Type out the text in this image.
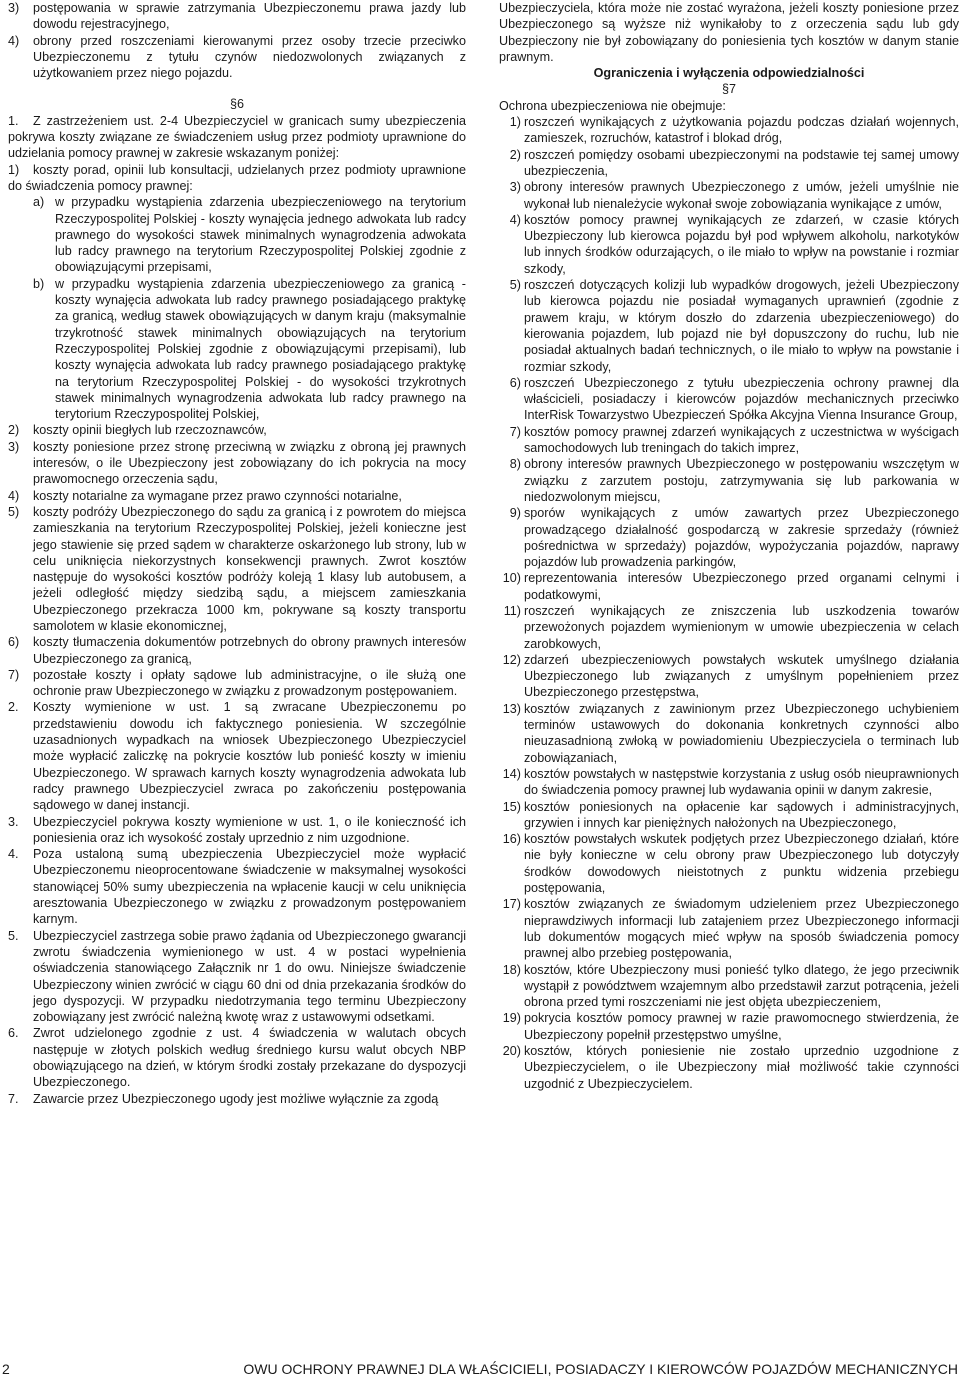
3) postępowania w sprawie zatrzymania Ubezpieczonemu prawa jazdy lub dowodu rejestracyjnego,

4) obrony przed roszczeniami kierowanymi przez osoby trzecie przeciwko Ubezpieczonemu z tytułu czynów niedozwolonych związanych z użytkowaniem przez niego pojazdu.

§6

1.	Z zastrzeżeniem ust. 2-4 Ubezpieczyciel w granicach sumy ubezpieczenia pokrywa koszty związane ze świadczeniem usług przez podmioty uprawnione do udzielania pomocy prawnej w zakresie wskazanym poniżej:

1)	koszty porad, opinii lub konsultacji, udzielanych przez podmioty uprawnione do świadczenia pomocy prawnej:

a) w przypadku wystąpienia zdarzenia ubezpieczeniowego na terytorium Rzeczypospolitej Polskiej - koszty wynajęcia jednego adwokata lub radcy prawnego do wysokości stawek minimalnych wynagrodzenia adwokata lub radcy prawnego na terytorium Rzeczypospolitej Polskiej zgodnie z obowiązującymi przepisami,

b) w przypadku wystąpienia zdarzenia ubezpieczeniowego za granicą - koszty wynajęcia adwokata lub radcy prawnego posiadającego praktykę za granicą, według stawek obowiązujących w danym kraju (maksymalnie trzykrotność stawek minimalnych obowiązujących na terytorium Rzeczypospolitej Polskiej zgodnie z obowiązującymi przepisami), lub koszty wynajęcia adwokata lub radcy prawnego posiadającego praktykę na terytorium Rzeczypospolitej Polskiej - do wysokości trzykrotnych stawek minimalnych wynagrodzenia adwokata lub radcy prawnego na terytorium Rzeczypospolitej Polskiej,

2) koszty opinii biegłych lub rzeczoznawców,

3) koszty poniesione przez stronę przeciwną w związku z obroną jej prawnych interesów, o ile Ubezpieczony jest zobowiązany do ich pokrycia na mocy prawomocnego orzeczenia sądu,

4) koszty notarialne za wymagane przez prawo czynności notarialne,

5) koszty podróży Ubezpieczonego do sądu za granicą i z powrotem do miejsca zamieszkania na terytorium Rzeczypospolitej Polskiej, jeżeli konieczne jest jego stawienie się przed sądem w charakterze oskarżonego lub strony, lub w celu uniknięcia niekorzystnych konsekwencji prawnych. Zwrot kosztów następuje do wysokości kosztów podróży koleją 1 klasy lub autobusem, a jeżeli odległość między siedzibą sądu, a miejscem zamieszkania Ubezpieczonego przekracza 1000 km, pokrywane są koszty transportu samolotem w klasie ekonomicznej,

6) koszty tłumaczenia dokumentów potrzebnych do obrony prawnych interesów Ubezpieczonego za granicą,

7) pozostałe koszty i opłaty sądowe lub administracyjne, o ile służą one ochronie praw Ubezpieczonego w związku z prowadzonym postępowaniem.

2. Koszty wymienione w ust. 1 są zwracane Ubezpieczonemu po przedstawieniu dowodu ich faktycznego poniesienia. W szczególnie uzasadnionych wypadkach na wniosek Ubezpieczonego Ubezpieczyciel może wypłacić zaliczkę na pokrycie kosztów lub ponieść koszty w imieniu Ubezpieczonego. W sprawach karnych koszty wynagrodzenia adwokata lub radcy prawnego Ubezpieczyciel zwraca po zakończeniu postępowania sądowego w danej instancji.

3. Ubezpieczyciel pokrywa koszty wymienione w ust. 1, o ile konieczność ich poniesienia oraz ich wysokość zostały uprzednio z nim uzgodnione.

4. Poza ustaloną sumą ubezpieczenia Ubezpieczyciel może wypłacić Ubezpieczonemu nieoprocentowane świadczenie w maksymalnej wysokości stanowiącej 50% sumy ubezpieczenia na wpłacenie kaucji w celu uniknięcia aresztowania Ubezpieczonego w związku z prowadzonym postępowaniem karnym.

5. Ubezpieczyciel zastrzega sobie prawo żądania od Ubezpieczonego gwarancji zwrotu świadczenia wymienionego w ust. 4 w postaci wypełnienia oświadczenia stanowiącego Załącznik nr 1 do owu. Niniejsze świadczenie Ubezpieczony winien zwrócić w ciągu 60 dni od dnia przekazania środków do jego dyspozycji. W przypadku niedotrzymania tego terminu Ubezpieczony zobowiązany jest zwrócić należną kwotę wraz z ustawowymi odsetkami.

6. Zwrot udzielonego zgodnie z ust. 4 świadczenia w walutach obcych następuje w złotych polskich według średniego kursu walut obcych NBP obowiązującego na dzień, w którym środki zostały przekazane do dyspozycji Ubezpieczonego.

7. Zawarcie przez Ubezpieczonego ugody jest możliwe wyłącznie za zgodą

Ubezpieczyciela, która może nie zostać wyrażona, jeżeli koszty poniesione przez Ubezpieczonego są wyższe niż wynikałoby to z orzeczenia sądu lub gdy Ubezpieczony nie był zobowiązany do poniesienia tych kosztów w danym stanie prawnym.

Ograniczenia i wyłączenia odpowiedzialności

§7

Ochrona ubezpieczeniowa nie obejmuje:

1) roszczeń wynikających z użytkowania pojazdu podczas działań wojennych, zamieszek, rozruchów, katastrof i blokad dróg,

2) roszczeń pomiędzy osobami ubezpieczonymi na podstawie tej samej umowy ubezpieczenia,

3) obrony interesów prawnych Ubezpieczonego z umów, jeżeli umyślnie nie wykonał lub nienależycie wykonał swoje zobowiązania wynikające z umów,

4) kosztów pomocy prawnej wynikających ze zdarzeń, w czasie których Ubezpieczony lub kierowca pojazdu był pod wpływem alkoholu, narkotyków lub innych środków odurzających, o ile miało to wpływ na powstanie i rozmiar szkody,

5) roszczeń dotyczących kolizji lub wypadków drogowych, jeżeli Ubezpieczony lub kierowca pojazdu nie posiadał wymaganych uprawnień (zgodnie z prawem kraju, w którym doszło do zdarzenia ubezpieczeniowego) do kierowania pojazdem, lub pojazd nie był dopuszczony do ruchu, lub nie posiadał aktualnych badań technicznych, o ile miało to wpływ na powstanie i rozmiar szkody,

6) roszczeń Ubezpieczonego z tytułu ubezpieczenia ochrony prawnej dla właścicieli, posiadaczy i kierowców pojazdów mechanicznych przeciwko InterRisk Towarzystwo Ubezpieczeń Spółka Akcyjna Vienna Insurance Group,

7) kosztów pomocy prawnej zdarzeń wynikających z uczestnictwa w wyścigach samochodowych lub treningach do takich imprez,

8) obrony interesów prawnych Ubezpieczonego w postępowaniu wszczętym w związku z zarzutem postoju, zatrzymywania się lub parkowania w niedozwolonym miejscu,

9) sporów wynikających z umów zawartych przez Ubezpieczonego prowadzącego działalność gospodarczą w zakresie sprzedaży (również pośrednictwa w sprzedaży) pojazdów, wypożyczania pojazdów, naprawy pojazdów lub prowadzenia parkingów,

10) reprezentowania interesów Ubezpieczonego przed organami celnymi i podatkowymi,

11) roszczeń wynikających ze zniszczenia lub uszkodzenia towarów przewożonych pojazdem wymienionym w umowie ubezpieczenia w celach zarobkowych,

12) zdarzeń ubezpieczeniowych powstałych wskutek umyślnego działania Ubezpieczonego lub związanych z umyślnym popełnieniem przez Ubezpieczonego przestępstwa,

13) kosztów związanych z zawinionym przez Ubezpieczonego uchybieniem terminów ustawowych do dokonania konkretnych czynności albo nieuzasadnioną zwłoką w powiadomieniu Ubezpieczyciela o terminach lub zobowiązaniach,

14) kosztów powstałych w następstwie korzystania z usług osób nieuprawnionych do świadczenia pomocy prawnej lub wydawania opinii w danym zakresie,

15) kosztów poniesionych na opłacenie kar sądowych i administracyjnych, grzywien i innych kar pieniężnych nałożonych na Ubezpieczonego,

16) kosztów powstałych wskutek podjętych przez Ubezpieczonego działań, które nie były konieczne w celu obrony praw Ubezpieczonego lub dotyczyły środków dowodowych nieistotnych z punktu widzenia przebiegu postępowania,

17) kosztów związanych ze świadomym udzieleniem przez Ubezpieczonego nieprawdziwych informacji lub zatajeniem przez Ubezpieczonego informacji lub dokumentów mogących mieć wpływ na sposób świadczenia pomocy prawnej albo przebieg postępowania,

18) kosztów, które Ubezpieczony musi ponieść tylko dlatego, że jego przeciwnik wystąpił z powództwem wzajemnym albo przedstawił zarzut potrącenia, jeżeli obrona przed tymi roszczeniami nie jest objęta ubezpieczeniem,

19) pokrycia kosztów pomocy prawnej w razie prawomocnego stwierdzenia, że Ubezpieczony popełnił przestępstwo umyślne,

20) kosztów, których poniesienie nie zostało uprzednio uzgodnione z Ubezpieczycielem, o ile Ubezpieczony miał możliwość takie czynności uzgodnić z Ubezpieczycielem.

2	OWU OCHRONY PRAWNEJ DLA WŁAŚCICIELI, POSIADACZY I KIEROWCÓW POJAZDÓW MECHANICZNYCH
